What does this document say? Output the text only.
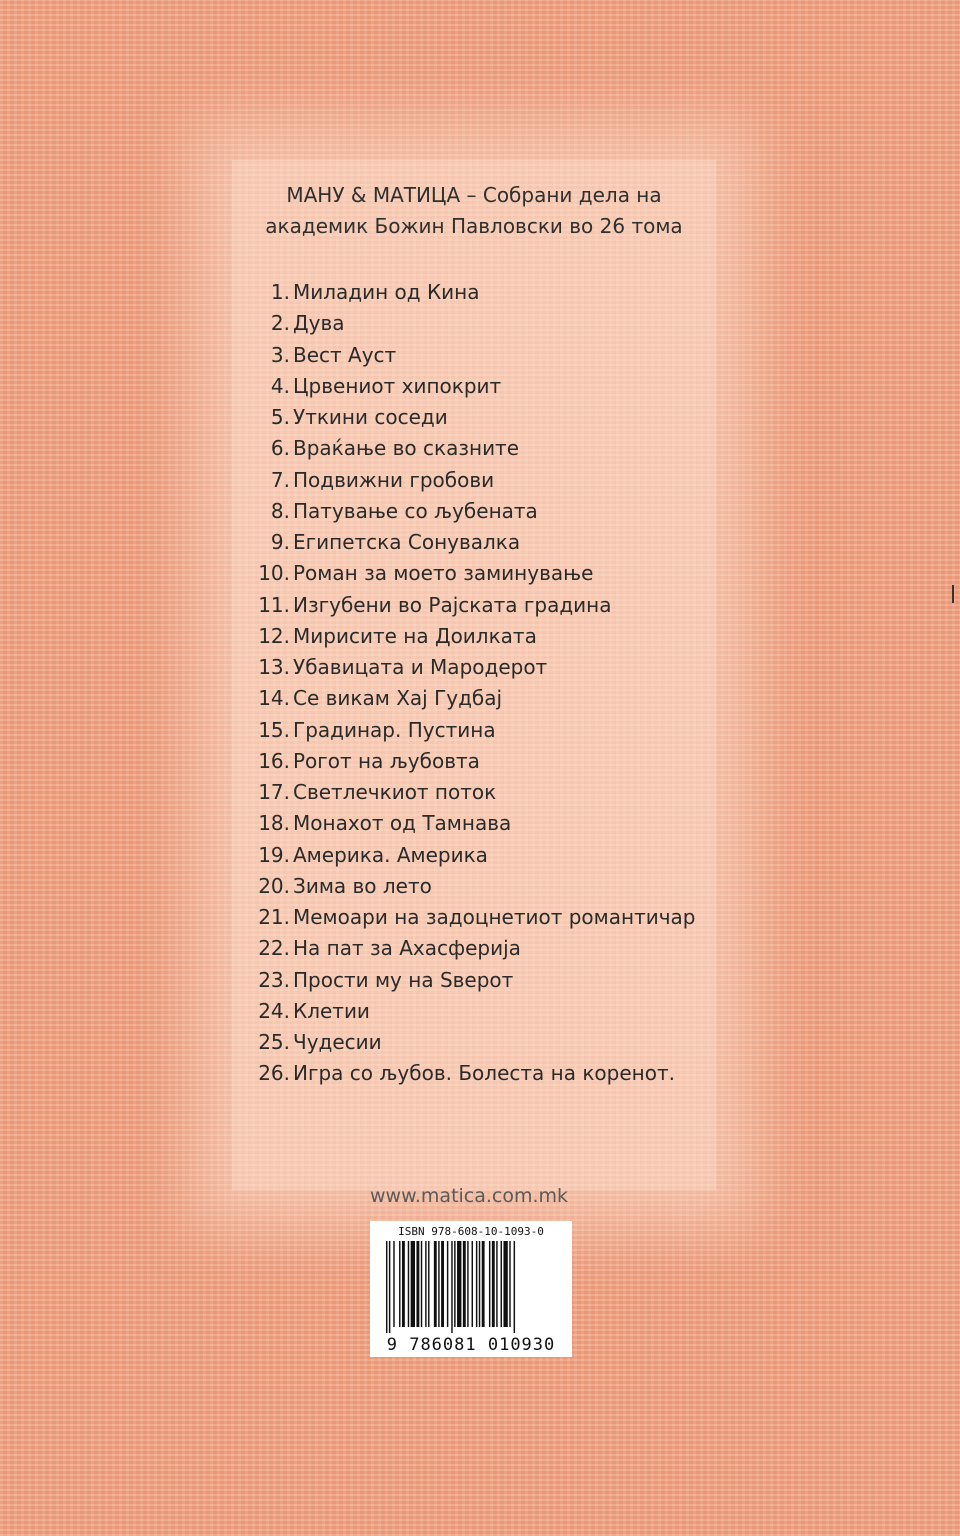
МАНУ & МАТИЦА – Собрани дела на
академик Божин Павловски во 26 тома
1. Миладин од Кина
2. Дува
3. Вест Ауст
4. Црвениот хипокрит
5. Уткини соседи
6. Враќање во сказните
7. Подвижни гробови
8. Патување со љубената
9. Египетска Сонувалка
10. Роман за моето заминување
11. Изгубени во Рајската градина
12. Мирисите на Доилката
13. Убавицата и Мародерот
14. Се викам Хај Гудбај
15. Градинар. Пустина
16. Рогот на љубовта
17. Светлечкиот поток
18. Монахот од Тамнава
19. Америка. Америка
20. Зима во лето
21. Мемоари на задоцнетиот романтичар
22. На пат за Ахасферија
23. Прости му на Ѕверот
24. Клетии
25. Чудесии
26. Игра со љубов. Болеста на коренот.
www.matica.com.mk
ISBN 978-608-10-1093-0
9 786081 010930
